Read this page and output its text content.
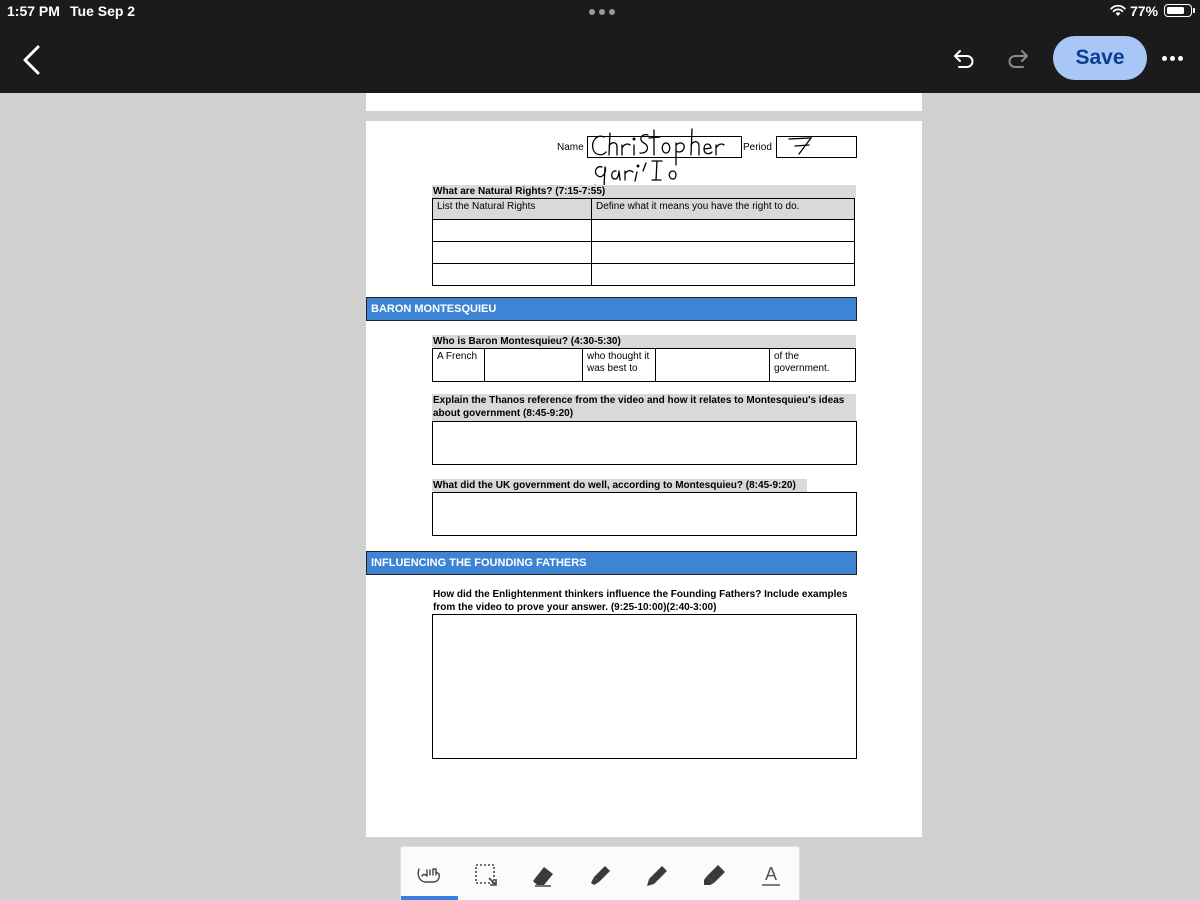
1:57 PM Tue Sep 2	77%
Save
Name	Period
What are Natural Rights? (7:15-7:55)
List the Natural Rights	Define what it means you have the right to do.

BARON MONTESQUIEU
Who is Baron Montesquieu? (4:30-5:30)
A French		who thought it was best to		of the government.
Explain the Thanos reference from the video and how it relates to Montesquieu's ideas about government (8:45-9:20)
What did the UK government do well, according to Montesquieu? (8:45-9:20)
INFLUENCING THE FOUNDING FATHERS
How did the Enlightenment thinkers influence the Founding Fathers? Include examples from the video to prove your answer. (9:25-10:00)(2:40-3:00)
A
